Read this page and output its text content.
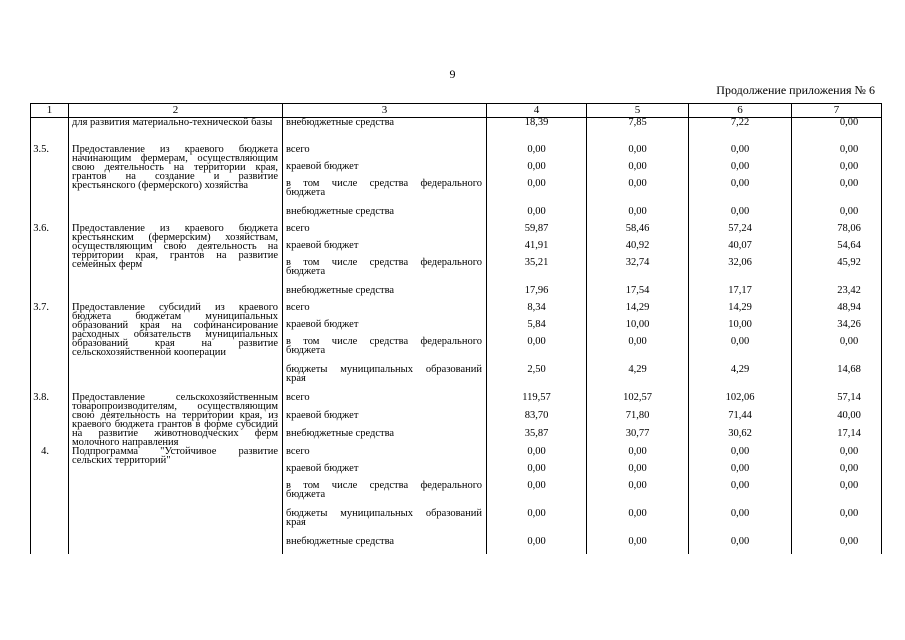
9
Продолжение приложения № 6
1	2	3	4	5	6	7
	для развития материально-технической базы	внебюджетные средства	18,39	7,85	7,22	0,00

3.5.	Предоставление из краевого бюджета начинающим фермерам, осуществляющим свою деятельность на территории края, грантов на создание и развитие крестьянского (фермерского) хозяйства	всего	0,00	0,00	0,00	0,00
		краевой бюджет	0,00	0,00	0,00	0,00
		в том числе средства федерального бюджета	0,00	0,00	0,00	0,00
		внебюджетные средства	0,00	0,00	0,00	0,00
3.6.	Предоставление из краевого бюджета крестьянским (фермерским) хозяйствам, осуществляющим свою деятельность на территории края, грантов на развитие семейных ферм	всего	59,87	58,46	57,24	78,06
		краевой бюджет	41,91	40,92	40,07	54,64
		в том числе средства федерального бюджета	35,21	32,74	32,06	45,92
		внебюджетные средства	17,96	17,54	17,17	23,42
3.7.	Предоставление субсидий из краевого бюджета бюджетам муниципальных образований края на софинансирование расходных обязательств муниципальных образований края на развитие сельскохозяйственной кооперации	всего	8,34	14,29	14,29	48,94
		краевой бюджет	5,84	10,00	10,00	34,26
		в том числе средства федерального бюджета	0,00	0,00	0,00	0,00
		бюджеты муниципальных образований края	2,50	4,29	4,29	14,68
3.8.	Предоставление сельскохозяйственным товаропроизводителям, осуществляющим свою деятельность на территории края, из краевого бюджета грантов в форме субсидий на развитие животноводческих ферм молочного направления	всего	119,57	102,57	102,06	57,14
		краевой бюджет	83,70	71,80	71,44	40,00
		внебюджетные средства	35,87	30,77	30,62	17,14
4.	Подпрограмма "Устойчивое развитие сельских территорий"	всего	0,00	0,00	0,00	0,00
		краевой бюджет	0,00	0,00	0,00	0,00
		в том числе средства федерального бюджета	0,00	0,00	0,00	0,00
		бюджеты муниципальных образований края	0,00	0,00	0,00	0,00
		внебюджетные средства	0,00	0,00	0,00	0,00
